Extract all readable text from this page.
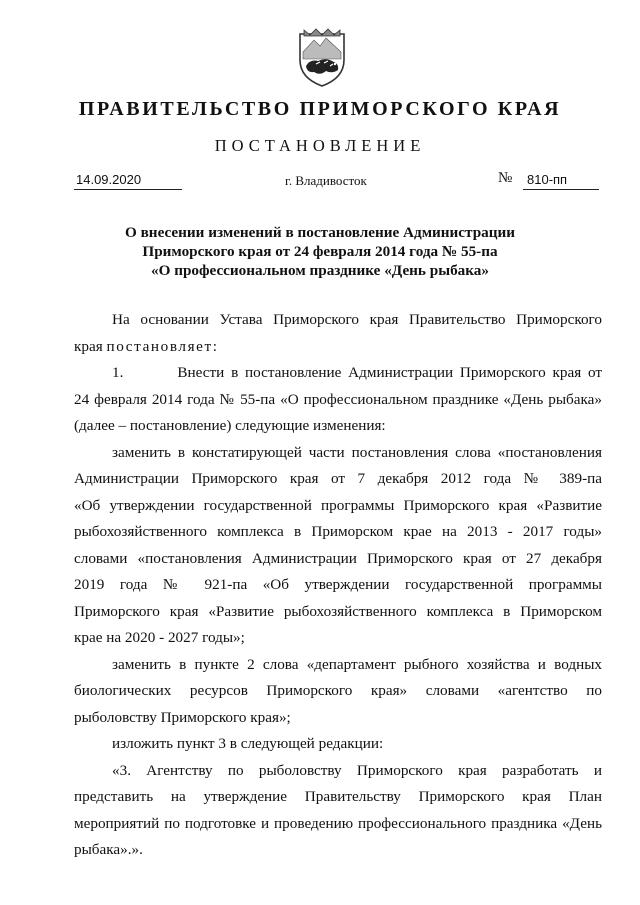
ПРАВИТЕЛЬСТВО ПРИМОРСКОГО КРАЯ
ПОСТАНОВЛЕНИЕ
14.09.2020	г. Владивосток	№	810-пп
О внесении изменений в постановление Администрации
Приморского края от 24 февраля 2014 года № 55-па
«О профессиональном празднике «День рыбака»
На основании Устава Приморского края Правительство Приморского
края постановляет:
1.        Внести в постановление Администрации Приморского края от
24 февраля 2014 года № 55-па «О профессиональном празднике «День рыбака»
(далее – постановление) следующие изменения:
заменить в констатирующей части постановления слова «постановления
Администрации Приморского края от 7 декабря 2012 года № 389-па
«Об утверждении государственной программы Приморского края «Развитие
рыбохозяйственного комплекса в Приморском крае на 2013 - 2017 годы»
словами «постановления Администрации Приморского края от 27 декабря
2019 года № 921-па «Об утверждении государственной программы
Приморского края «Развитие рыбохозяйственного комплекса в Приморском
крае на 2020 - 2027 годы»;
заменить в пункте 2 слова «департамент рыбного хозяйства и водных
биологических ресурсов Приморского края» словами «агентство по
рыболовству Приморского края»;
изложить пункт 3 в следующей редакции:
«3. Агентству по рыболовству Приморского края разработать и
представить на утверждение Правительству Приморского края План
мероприятий по подготовке и проведению профессионального праздника «День
рыбака».».
